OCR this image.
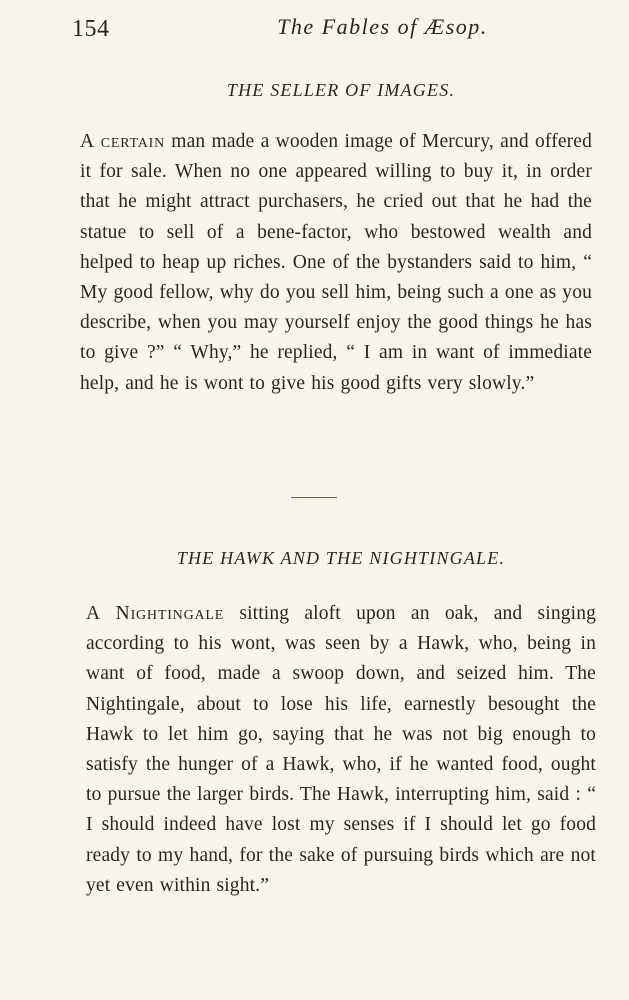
154	The Fables of Æsop.
THE SELLER OF IMAGES.

A certain man made a wooden image of Mercury, and offered it for sale. When no one appeared willing to buy it, in order that he might attract purchasers, he cried out that he had the statue to sell of a bene-factor, who bestowed wealth and helped to heap up riches. One of the bystanders said to him, “ My good fellow, why do you sell him, being such a one as you describe, when you may yourself enjoy the good things he has to give ?” “ Why,” he replied, “ I am in want of immediate help, and he is wont to give his good gifts very slowly.”

THE HAWK AND THE NIGHTINGALE.

A Nightingale sitting aloft upon an oak, and singing according to his wont, was seen by a Hawk, who, being in want of food, made a swoop down, and seized him. The Nightingale, about to lose his life, earnestly besought the Hawk to let him go, saying that he was not big enough to satisfy the hunger of a Hawk, who, if he wanted food, ought to pursue the larger birds. The Hawk, interrupting him, said : “ I should indeed have lost my senses if I should let go food ready to my hand, for the sake of pursuing birds which are not yet even within sight.”
